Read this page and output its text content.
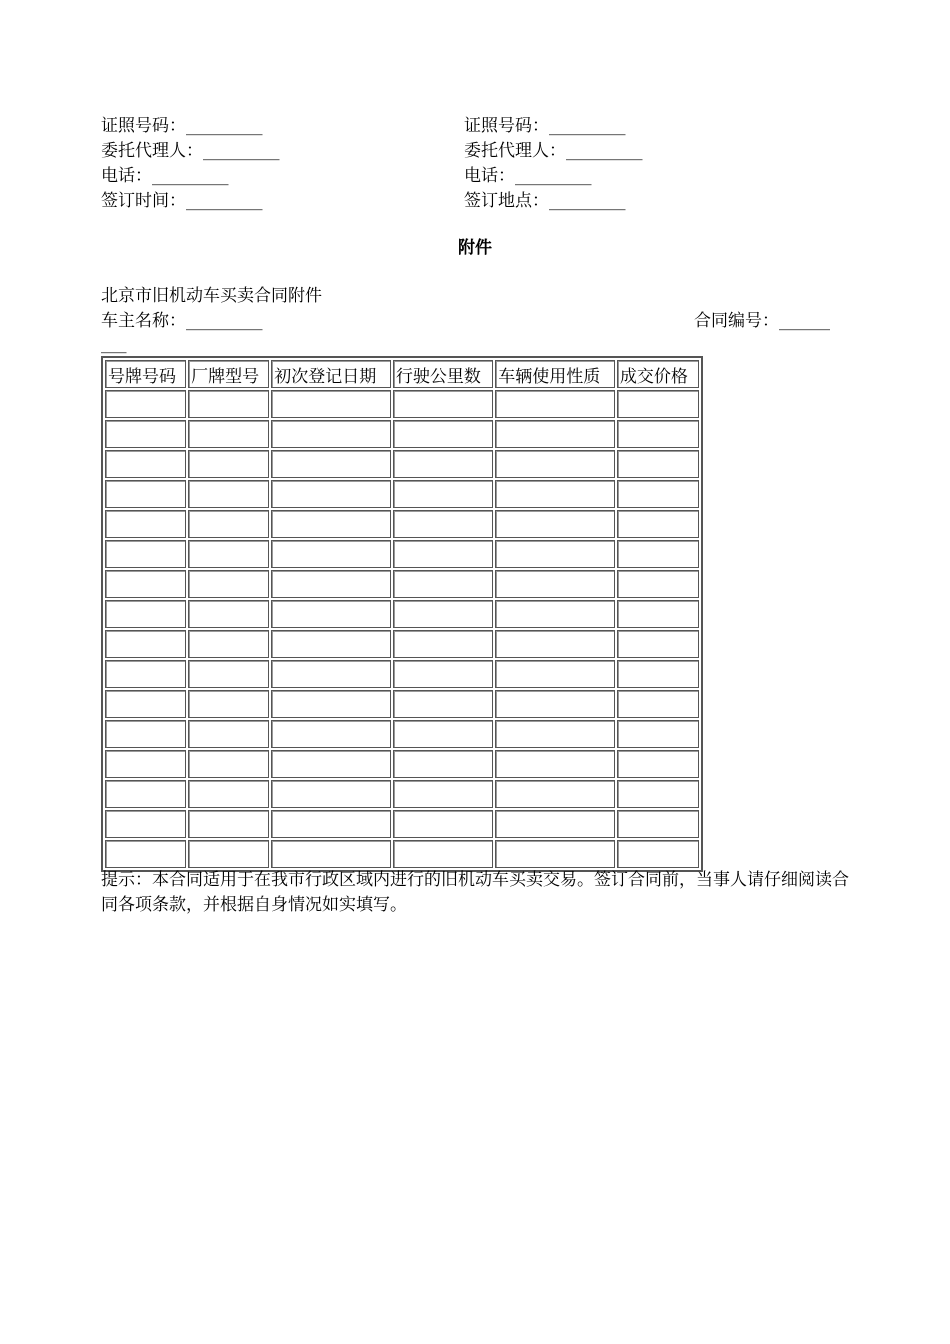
证照号码：_________
委托代理人：_________
电话：_________
签订时间：_________
证照号码：_________
委托代理人：_________
电话：_________
签订地点：_________
附件
北京市旧机动车买卖合同附件
车主名称：_________	合同编号：______
___
号牌号码	厂牌型号	初次登记日期	行驶公里数	车辆使用性质	成交价格

提示：本合同适用于在我市行政区域内进行的旧机动车买卖交易。签订合同前，当事人请仔细阅读合同各项条款，并根据自身情况如实填写。
